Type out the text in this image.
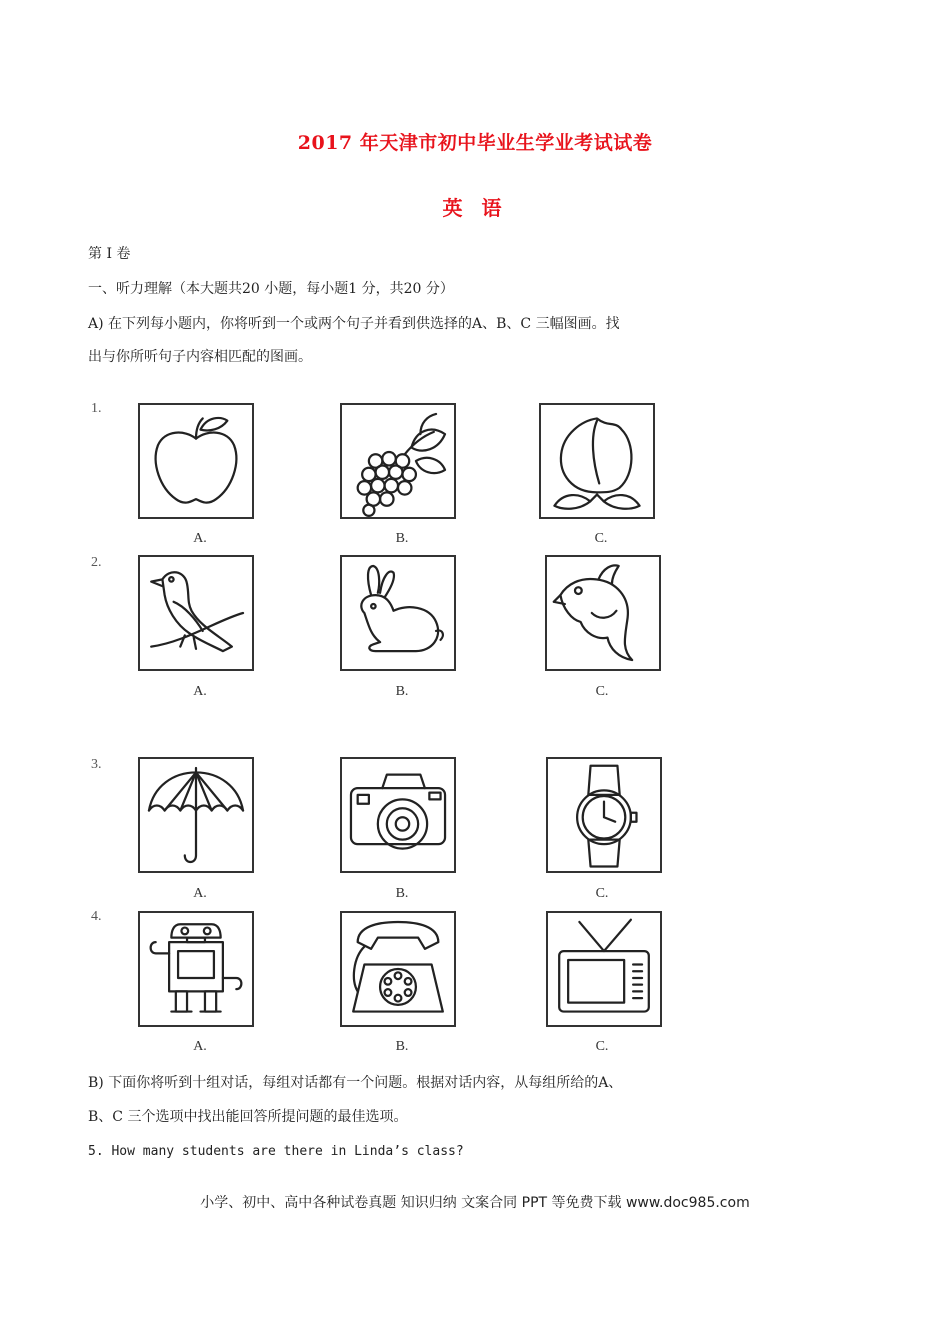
2017 年天津市初中毕业生学业考试试卷
英 语
第 I 卷
一、听力理解（本大题共20 小题，每小题1 分，共20 分）
A) 在下列每小题内，你将听到一个或两个句子并看到供选择的A、B、C 三幅图画。找
出与你所听句子内容相匹配的图画。
1.
A.	B.	C.
2.
A.	B.	C.
3.
A.	B.	C.
4.
A.	B.	C.
B) 下面你将听到十组对话，每组对话都有一个问题。根据对话内容，从每组所给的A、
B、C 三个选项中找出能回答所提问题的最佳选项。
5. How many students are there in Linda’s class?
小学、初中、高中各种试卷真题 知识归纳 文案合同 PPT 等免费下载 www.doc985.com
